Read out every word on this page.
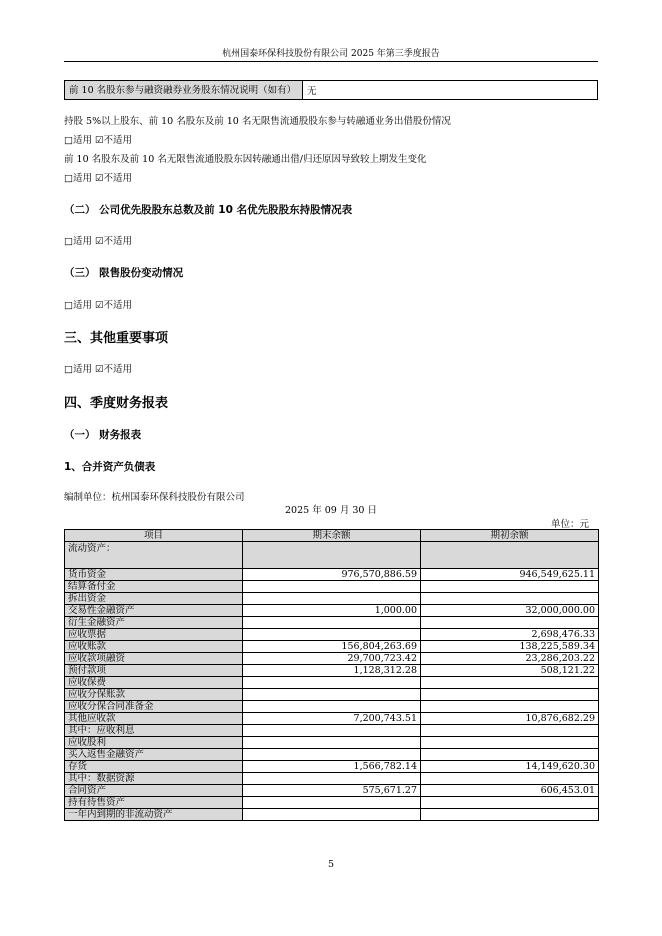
杭州国泰环保科技股份有限公司 2025 年第三季度报告
前 10 名股东参与融资融券业务股东情况说明（如有）	无
持股 5%以上股东、前 10 名股东及前 10 名无限售流通股股东参与转融通业务出借股份情况
□适用 ☑不适用
前 10 名股东及前 10 名无限售流通股股东因转融通出借/归还原因导致较上期发生变化
□适用 ☑不适用
（二） 公司优先股股东总数及前 10 名优先股股东持股情况表
□适用 ☑不适用
（三） 限售股份变动情况
□适用 ☑不适用
三、其他重要事项
□适用 ☑不适用
四、季度财务报表
（一） 财务报表
1、合并资产负债表
编制单位：杭州国泰环保科技股份有限公司
2025 年 09 月 30 日
单位：元
项目	期末余额	期初余额
流动资产：		
货币资金	976,570,886.59	946,549,625.11
结算备付金		
拆出资金		
交易性金融资产	1,000.00	32,000,000.00
衍生金融资产		
应收票据		2,698,476.33
应收账款	156,804,263.69	138,225,589.34
应收款项融资	29,700,723.42	23,286,203.22
预付款项	1,128,312.28	508,121.22
应收保费		
应收分保账款		
应收分保合同准备金		
其他应收款	7,200,743.51	10,876,682.29
其中：应收利息		
应收股利		
买入返售金融资产		
存货	1,566,782.14	14,149,620.30
其中：数据资源		
合同资产	575,671.27	606,453.01
持有待售资产		
一年内到期的非流动资产		
5
